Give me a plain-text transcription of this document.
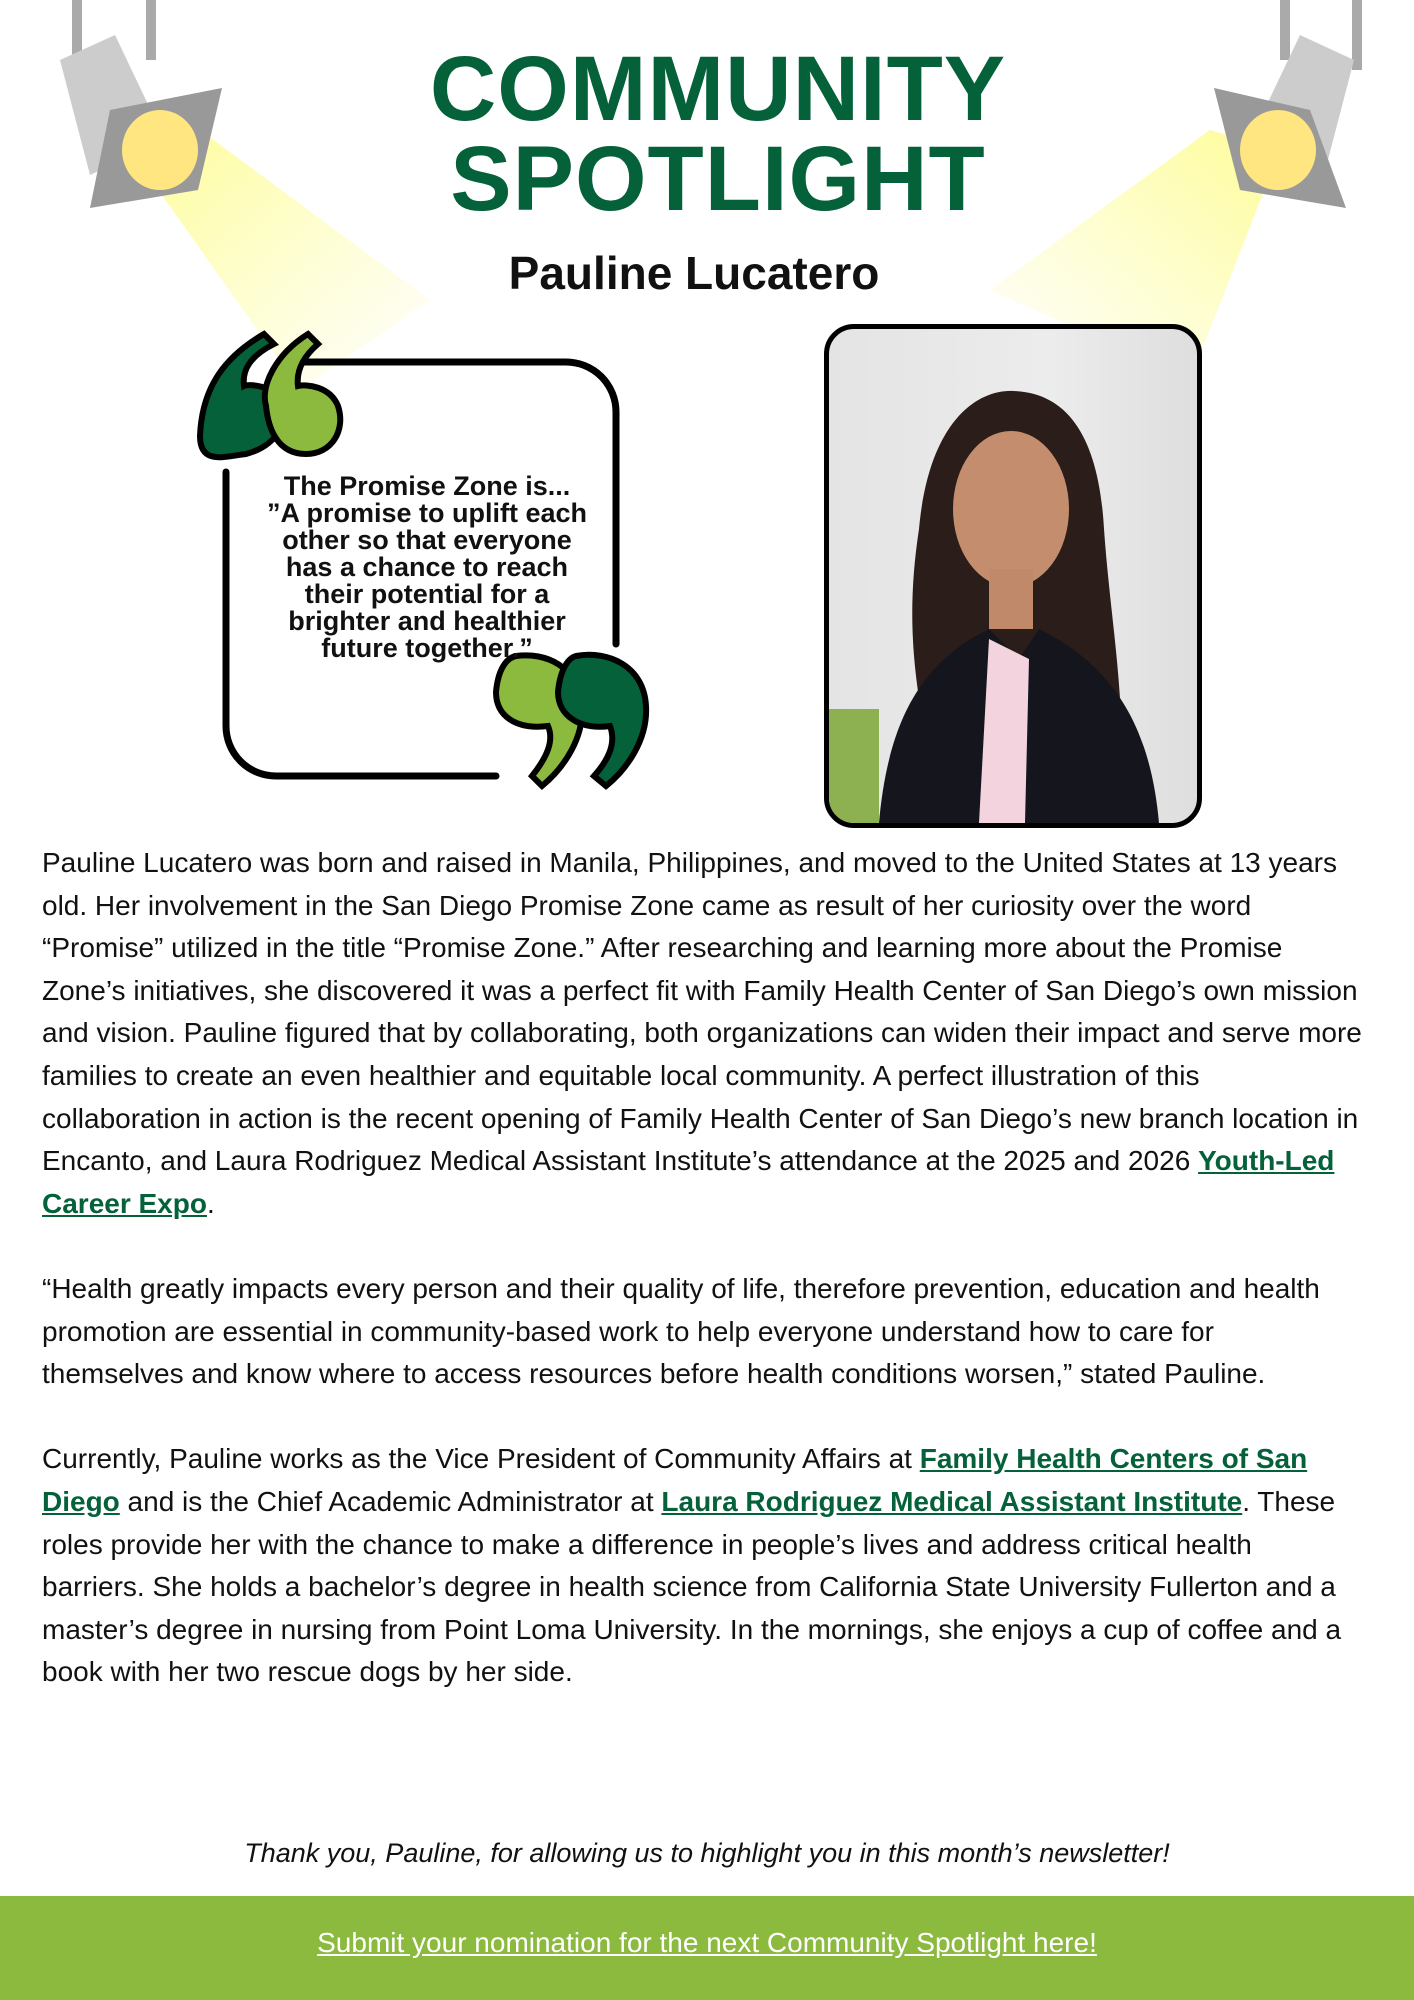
COMMUNITY
SPOTLIGHT
Pauline Lucatero
The Promise Zone is...
”A promise to uplift each
other so that everyone
has a chance to reach
their potential for a
brighter and healthier
future together.”

Pauline Lucatero was born and raised in Manila, Philippines, and moved to the United States at 13 years old. Her involvement in the San Diego Promise Zone came as result of her curiosity over the word “Promise” utilized in the title “Promise Zone.” After researching and learning more about the Promise Zone’s initiatives, she discovered it was a perfect fit with Family Health Center of San Diego’s own mission and vision. Pauline figured that by collaborating, both organizations can widen their impact and serve more families to create an even healthier and equitable local community. A perfect illustration of this collaboration in action is the recent opening of Family Health Center of San Diego’s new branch location in Encanto, and Laura Rodriguez Medical Assistant Institute’s attendance at the 2025 and 2026 Youth-Led Career Expo.

“Health greatly impacts every person and their quality of life, therefore prevention, education and health promotion are essential in community-based work to help everyone understand how to care for themselves and know where to access resources before health conditions worsen,” stated Pauline.

Currently, Pauline works as the Vice President of Community Affairs at Family Health Centers of San Diego and is the Chief Academic Administrator at Laura Rodriguez Medical Assistant Institute. These roles provide her with the chance to make a difference in people’s lives and address critical health barriers. She holds a bachelor’s degree in health science from California State University Fullerton and a master’s degree in nursing from Point Loma University. In the mornings, she enjoys a cup of coffee and a book with her two rescue dogs by her side.

Thank you, Pauline, for allowing us to highlight you in this month’s newsletter!
Submit your nomination for the next Community Spotlight here!
